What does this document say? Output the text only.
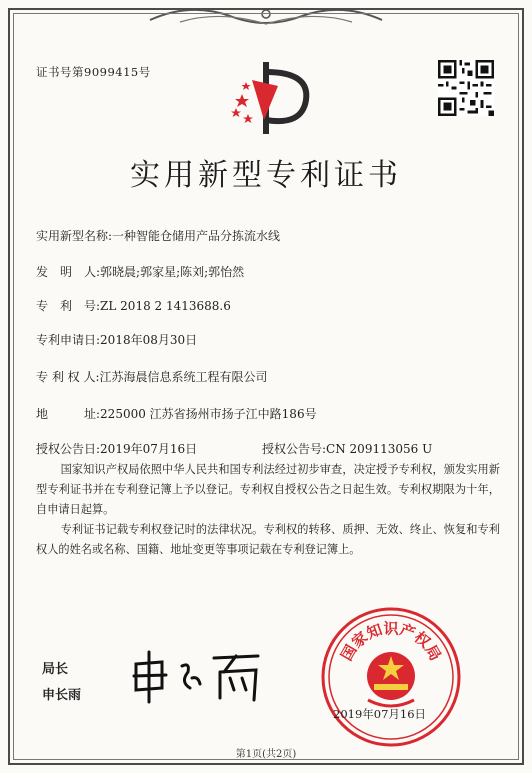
证书号第9099415号
实用新型专利证书
实用新型名称:一种智能仓储用产品分拣流水线
发　明　人:郭晓晨;郭家星;陈刘;郭怡然
专　利　号:ZL 2018 2 1413688.6
专利申请日:2018年08月30日
专 利 权 人:江苏海晨信息系统工程有限公司
地　　　址:225000 江苏省扬州市扬子江中路186号
授权公告日:2019年07月16日	授权公告号:CN 209113056 U
国家知识产权局依照中华人民共和国专利法经过初步审查，决定授予专利权，颁发实用新型专利证书并在专利登记簿上予以登记。专利权自授权公告之日起生效。专利权期限为十年，自申请日起算。
专利证书记载专利权登记时的法律状况。专利权的转移、质押、无效、终止、恢复和专利权人的姓名或名称、国籍、地址变更等事项记载在专利登记簿上。
局长
申长雨
国
家
知
识
产
权
局
2019年07月16日
第1页(共2页)
